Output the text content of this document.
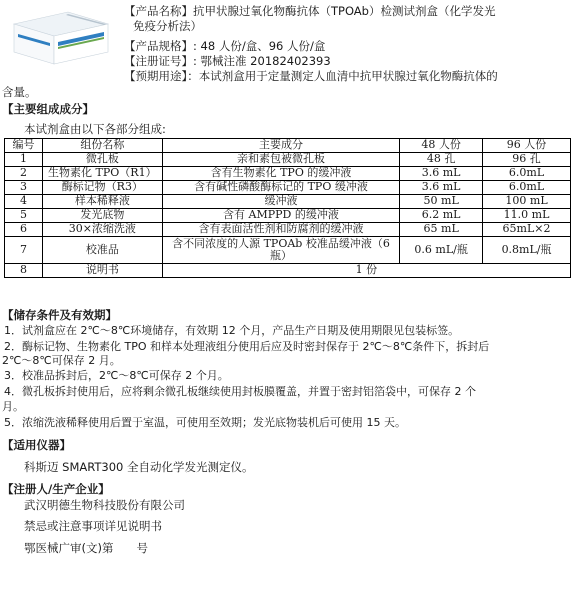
【产品名称】抗甲状腺过氧化物酶抗体（TPOAb）检测试剂盒（化学发光
免疫分析法）
【产品规格】: 48 人份/盒、96 人份/盒
【注册证号】: 鄂械注准 20182402393
【预期用途】：本试剂盒用于定量测定人血清中抗甲状腺过氧化物酶抗体的
含量。
【主要组成成分】
本试剂盒由以下各部分组成:
编号	组份名称	主要成分	48 人份	96 人份
1	微孔板	亲和素包被微孔板	48 孔	96 孔
2	生物素化 TPO（R1）	含有生物素化 TPO 的缓冲液	3.6 mL	6.0mL
3	酶标记物（R3）	含有碱性磷酸酶标记的 TPO 缓冲液	3.6 mL	6.0mL
4	样本稀释液	缓冲液	50 mL	100 mL
5	发光底物	含有 AMPPD 的缓冲液	6.2 mL	11.0 mL
6	30×浓缩洗液	含有表面活性剂和防腐剂的缓冲液	65 mL	65mL×2
7	校准品	含不同浓度的人源 TPOAb 校准品缓冲液（6 瓶）	0.6 mL/瓶	0.8mL/瓶
8	说明书	1 份		
【储存条件及有效期】
1．试剂盒应在 2℃～8℃环境储存，有效期 12 个月，产品生产日期及使用期限见包装标签。
2．酶标记物、生物素化 TPO 和样本处理液组分使用后应及时密封保存于 2℃～8℃条件下，拆封后
2℃～8℃可保存 2 月。
3．校准品拆封后，2℃～8℃可保存 2 个月。
4．微孔板拆封使用后，应将剩余微孔板继续使用封板膜覆盖，并置于密封铝箔袋中，可保存 2 个
月。
5．浓缩洗液稀释使用后置于室温，可使用至效期；发光底物装机后可使用 15 天。
【适用仪器】
科斯迈 SMART300 全自动化学发光测定仪。
【注册人/生产企业】
武汉明德生物科技股份有限公司
禁忌或注意事项详见说明书
鄂医械广审(文)第　　号
